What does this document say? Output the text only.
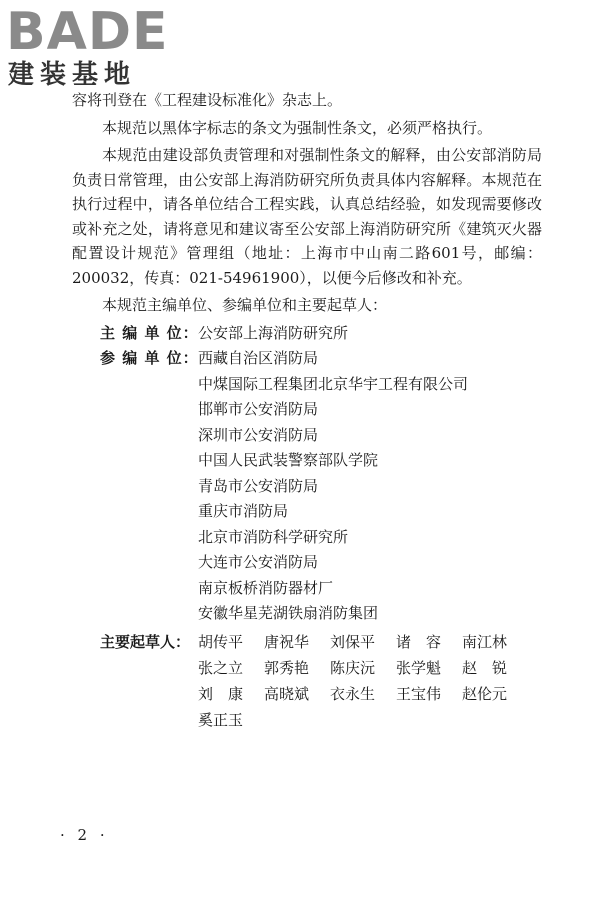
BADE
建装基地

容将刊登在《工程建设标准化》杂志上。

本规范以黑体字标志的条文为强制性条文，必须严格执行。

本规范由建设部负责管理和对强制性条文的解释，由公安部消防局负责日常管理，由公安部上海消防研究所负责具体内容解释。本规范在执行过程中，请各单位结合工程实践，认真总结经验，如发现需要修改或补充之处，请将意见和建议寄至公安部上海消防研究所《建筑灭火器配置设计规范》管理组（地址：上海市中山南二路601号，邮编：200032，传真：021-54961900），以便今后修改和补充。

本规范主编单位、参编单位和主要起草人：

主 编 单 位： 公安部上海消防研究所
参 编 单 位： 西藏自治区消防局
中煤国际工程集团北京华宇工程有限公司
邯郸市公安消防局
深圳市公安消防局
中国人民武装警察部队学院
青岛市公安消防局
重庆市消防局
北京市消防科学研究所
大连市公安消防局
南京板桥消防器材厂
安徽华星芜湖铁扇消防集团
主要起草人： 胡传平	唐祝华	刘保平	诸　容	南江林
张之立	郭秀艳	陈庆沅	张学魁	赵　锐
刘　康	高晓斌	衣永生	王宝伟	赵伦元
奚正玉
· 2 ·
